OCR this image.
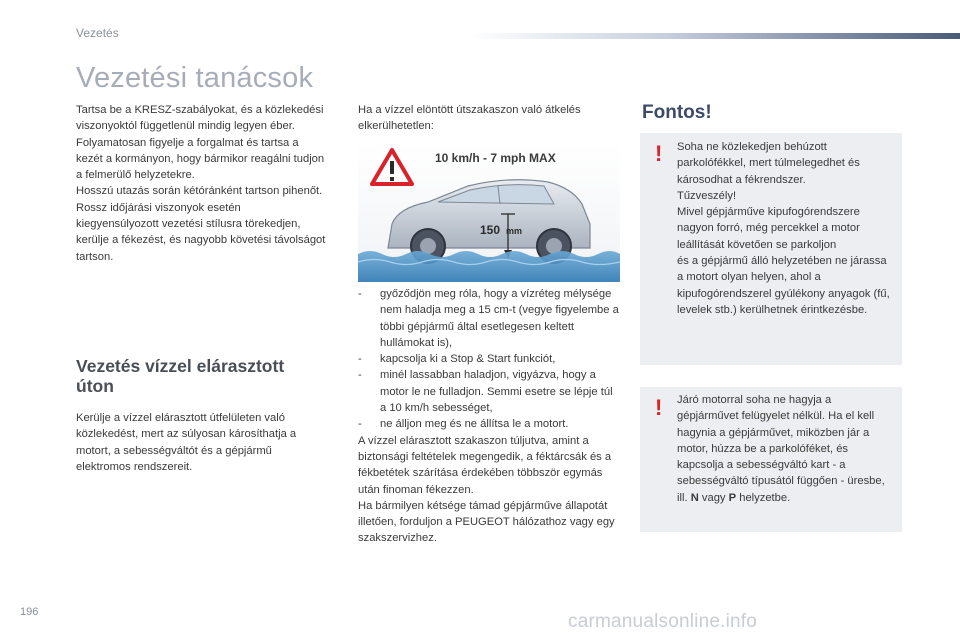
Vezetés
Vezetési tanácsok

Tartsa be a KRESZ-szabályokat, és a közlekedési viszonyoktól függetlenül mindig legyen éber.

Folyamatosan figyelje a forgalmat és tartsa a kezét a kormányon, hogy bármikor reagálni tudjon a felmerülő helyzetekre.

Hosszú utazás során kétóránként tartson pihenőt.

Rossz időjárási viszonyok esetén kiegyensúlyozott vezetési stílusra törekedjen, kerülje a fékezést, és nagyobb követési távolságot tartson.

Vezetés vízzel elárasztott úton

Kerülje a vízzel elárasztott útfelületen való közlekedést, mert az súlyosan károsíthatja a motort, a sebességváltót és a gépjármű elektromos rendszereit.

Ha a vízzel elöntött útszakaszon való átkelés elkerülhetetlen:

10 km/h - 7 mph MAX
150 mm
-	győződjön meg róla, hogy a vízréteg mélysége nem haladja meg a 15 cm-t (vegye figyelembe a többi gépjármű által esetlegesen keltett hullámokat is),
-	kapcsolja ki a Stop & Start funkciót,
-	minél lassabban haladjon, vigyázva, hogy a motor le ne fulladjon. Semmi esetre se lépje túl a 10 km/h sebességet,
-	ne álljon meg és ne állítsa le a motort.

A vízzel elárasztott szakaszon túljutva, amint a biztonsági feltételek megengedik, a féktárcsák és a fékbetétek szárítása érdekében többször egymás után finoman fékezzen.

Ha bármilyen kétsége támad gépjárműve állapotát illetően, forduljon a PEUGEOT hálózathoz vagy egy szakszervizhez.

Fontos!
! Soha ne közlekedjen behúzott parkolófékkel, mert túlmelegedhet és károsodhat a fékrendszer.

Tűzveszély!

Mivel gépjárműve kipufogórendszere nagyon forró, még percekkel a motor leállítását követően se parkoljon

és a gépjármű álló helyzetében ne járassa a motort olyan helyen, ahol a kipufogórendszerel gyúlékony anyagok (fű, levelek stb.) kerülhetnek érintkezésbe.

! Járó motorral soha ne hagyja a gépjárművet felügyelet nélkül. Ha el kell hagynia a gépjárművet, miközben jár a motor, húzza be a parkolóféket, és kapcsolja a sebességváltó kart - a sebességváltó típusától függően - üresbe, ill. N vagy P helyzetbe.

196	carmanualsonline.info
